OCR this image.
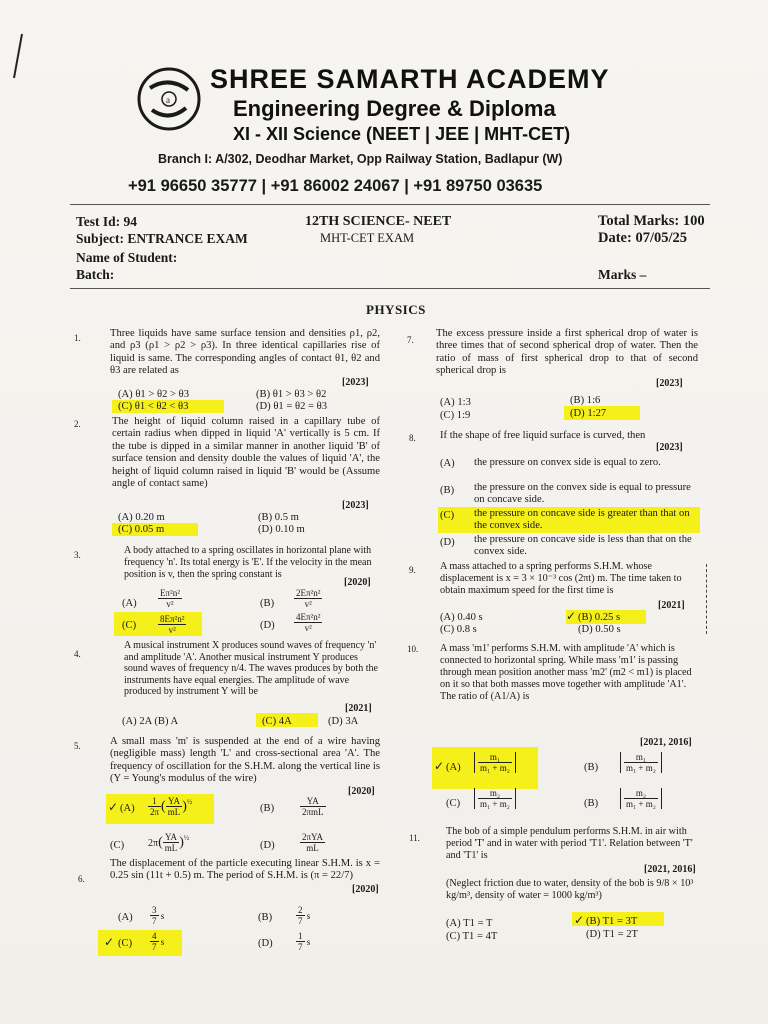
a
SHREE SAMARTH ACADEMY
Engineering Degree & Diploma
XI - XII Science (NEET | JEE | MHT-CET)
Branch I: A/302, Deodhar Market, Opp Railway Station, Badlapur (W)
+91 96650 35777 | +91 86002 24067 | +91 89750 03635
Test Id: 94
Subject: ENTRANCE EXAM
12TH SCIENCE- NEET
MHT-CET EXAM
Total Marks: 100
Date: 07/05/25
Name of Student:
Batch:	Marks –
PHYSICS
1.	Three liquids have same surface tension and densities ρ1, ρ2, and ρ3 (ρ1 > ρ2 > ρ3). In three identical capillaries rise of liquid is same. The corresponding angles of contact θ1, θ2 and θ3 are related as
[2023]
(A) θ1 > θ2 > θ3	(B) θ1 > θ3 > θ2
(C) θ1 < θ2 < θ3	(D) θ1 = θ2 = θ3
2.	The height of liquid column raised in a capillary tube of certain radius when dipped in liquid 'A' vertically is 5 cm. If the tube is dipped in a similar manner in another liquid 'B' of surface tension and density double the values of liquid 'A', the height of liquid column raised in liquid 'B' would be (Assume angle of contact same)
[2023]
(A) 0.20 m	(B) 0.5 m
(C) 0.05 m	(D) 0.10 m
3.	A body attached to a spring oscillates in horizontal plane with frequency 'n'. Its total energy is 'E'. If the velocity in the mean position is v, then the spring constant is
[2020]
$(A) \frac{\text{Eπ²n²}}{\text{v²}}$	$(B) \frac{\text{2Eπ²n²}}{\text{v²}}$
$(C) \frac{\text{8Eπ²n²}}{\text{v²}}$	$(D) \frac{\text{4Eπ²n²}}{\text{v²}}$
4.
A musical instrument X produces sound waves of frequency 'n' and amplitude 'A'. Another musical instrument Y produces sound waves of frequency n/4. The waves produces by both the instruments have equal energies. The amplitude of wave produced by instrument Y will be
[2021]
(A) 2A (B) A	(C) 4A	(D) 3A
5.	A small mass 'm' is suspended at the end of a wire having (negligible mass) length 'L' and cross-sectional area 'A'. The frequency of oscillation for the S.H.M. along the vertical line is (Y = Young's modulus of the wire)
[2020]
✓ $(A) \frac{1}{2\pi}$ ( $\frac{YA}{mL} )^{\frac{1}{2}}$
(B)	$\frac{YA}{\text{2πmL}}$
(C) $2\pi( \frac{YA}{mL} )^{\frac{1}{2}}$
(D)	$\frac{\text{2πYA}}{mL}$
6.
The displacement of the particle executing linear S.H.M. is x = 0.25 sin (11t + 0.5) m. The period of S.H.M. is (π = 22/7)
[2020]
$(A) \frac{3}{7}$ s	(B)	$\frac{2}{7}$ s
✓ $(C) \frac{4}{7}$ s	(D)	$\frac{1}{7}$ s
7.
The excess pressure inside a first spherical drop of water is three times that of second spherical drop of water. Then the ratio of mass of first spherical drop to that of second spherical drop is
[2023]
(A) 1:3	(B) 1:6
(C) 1:9	(D) 1:27
8. If the shape of free liquid surface is curved, then
[2023]
(A) the pressure on convex side is equal to zero.
(B) the pressure on the convex side is equal to pressure on concave side.
(C) the pressure on concave side is greater than that on the convex side.
(D) the pressure on concave side is less than that on the convex side.
9. A mass attached to a spring performs S.H.M. whose displacement is x = 3 × 10⁻³ cos (2πt) m. The time taken to obtain maximum speed for the first time is
[2021]
(A) 0.40 s	✓ (B) 0.25 s
(C) 0.8 s	(D) 0.50 s
10. A mass 'm1' performs S.H.M. with amplitude 'A' which is connected to horizontal spring. While mass 'm1' is passing through mean position another mass 'm2' (m2 < m1) is placed on it so that both masses move together with amplitude 'A1'. The ratio of (A1/A) is
[2021, 2016]
✓ $(A) \frac{\text{m₁}}{\text{m₁ + m₂}}$	(B)	$\frac{\text{m₁}}{\text{m₁ + m₂}}$
$(C) \frac{\text{m₂}}{\text{m₁ + m₂}}$	(B)	$\frac{\text{m₂}}{\text{m₁ + m₂}}$
11.
The bob of a simple pendulum performs S.H.M. in air with period 'T' and in water with period 'T1'. Relation between 'T' and 'T1' is
[2021, 2016]
(Neglect friction due to water, density of the bob is 9/8 × 10³ kg/m³, density of water = 1000 kg/m³)
(A) T1 = T	✓ (B) T1 = 3T
(C) T1 = 4T	(D) T1 = 2T
